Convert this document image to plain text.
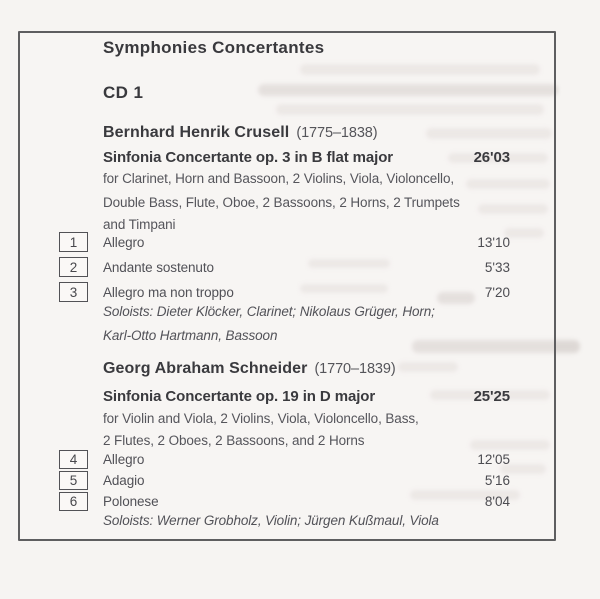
Symphonies Concertantes
CD 1
Bernhard Henrik Crusell (1775–1838)
Sinfonia Concertante op. 3 in B flat major	26'03
for Clarinet, Horn and Bassoon, 2 Violins, Viola, Violoncello,
Double Bass, Flute, Oboe, 2 Bassoons, 2 Horns, 2 Trumpets
and Timpani
1 Allegro	13'10
2 Andante sostenuto	5'33
3 Allegro ma non troppo	7'20
Soloists: Dieter Klöcker, Clarinet; Nikolaus Grüger, Horn;
Karl-Otto Hartmann, Bassoon
Georg Abraham Schneider (1770–1839)
Sinfonia Concertante op. 19 in D major	25'25
for Violin and Viola, 2 Violins, Viola, Violoncello, Bass,
2 Flutes, 2 Oboes, 2 Bassoons, and 2 Horns
4 Allegro	12'05
5 Adagio	5'16
6 Polonese	8'04
Soloists: Werner Grobholz, Violin; Jürgen Kußmaul, Viola
